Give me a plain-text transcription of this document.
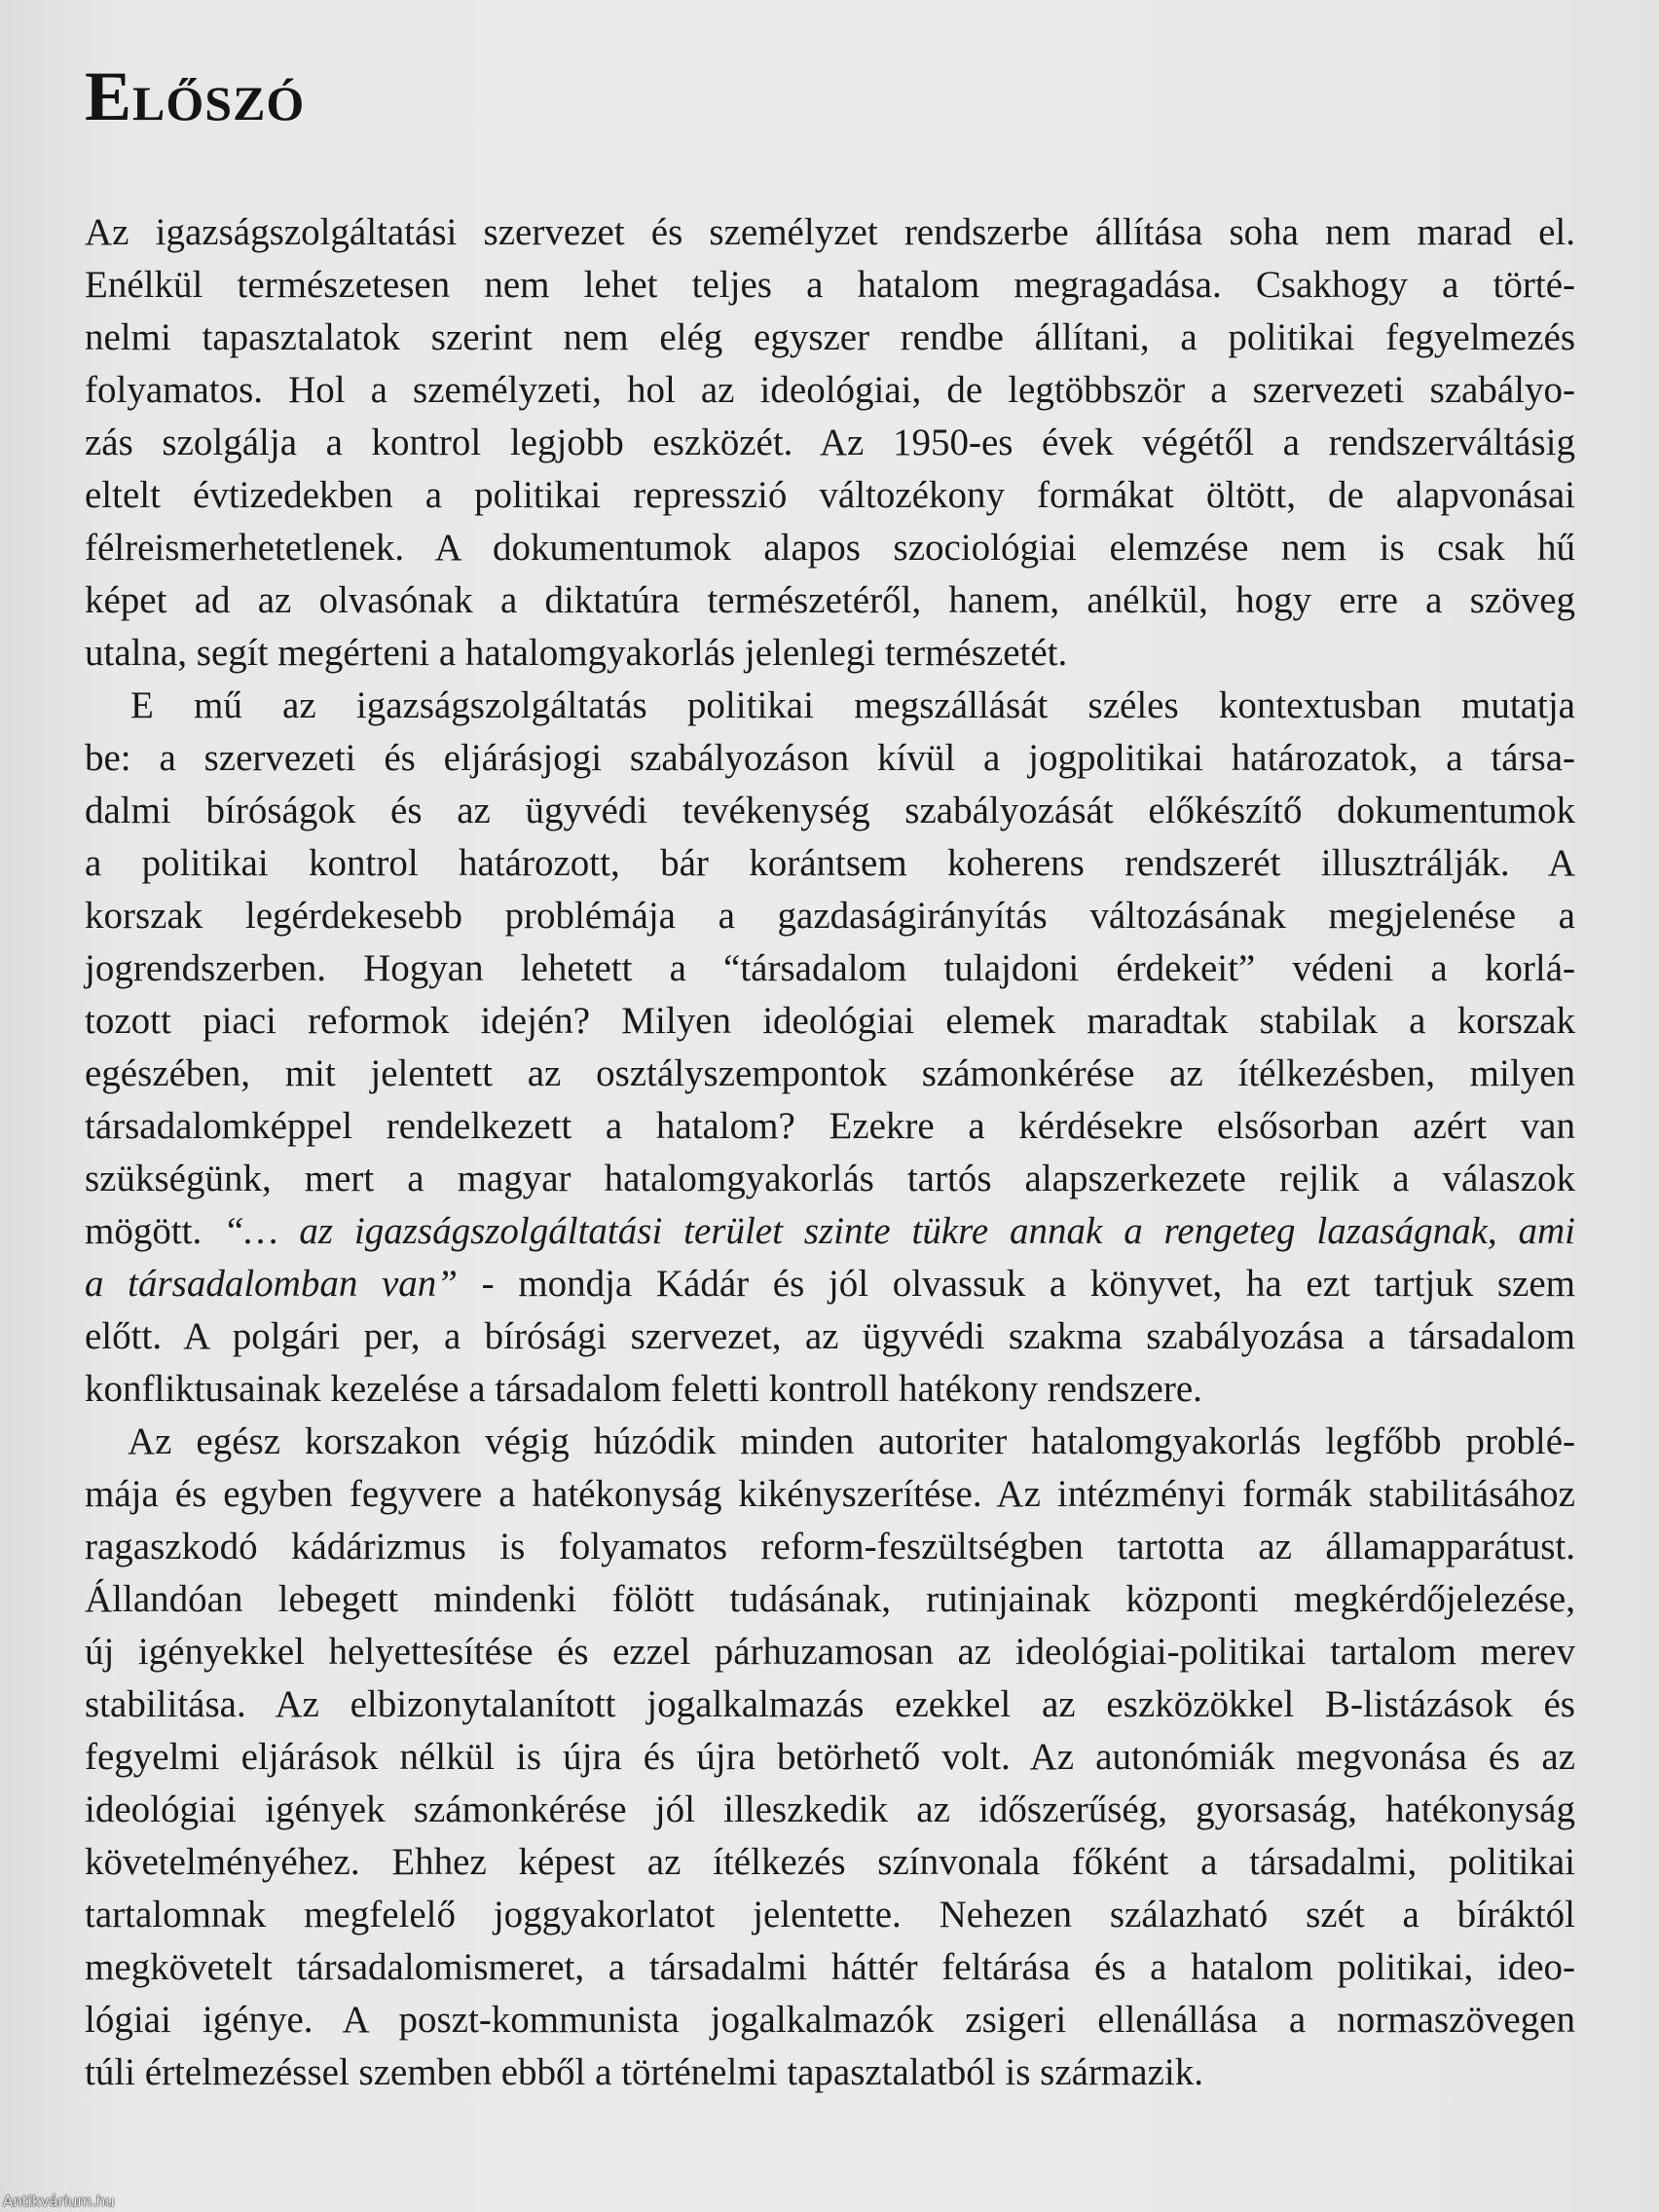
Előszó
Az igazságszolgáltatási szervezet és személyzet rendszerbe állítása soha nem marad el.
Enélkül természetesen nem lehet teljes a hatalom megragadása. Csakhogy a törté-
nelmi tapasztalatok szerint nem elég egyszer rendbe állítani, a politikai fegyelmezés
folyamatos. Hol a személyzeti, hol az ideológiai, de legtöbbször a szervezeti szabályo-
zás szolgálja a kontrol legjobb eszközét. Az 1950-es évek végétől a rendszerváltásig
eltelt évtizedekben a politikai represszió változékony formákat öltött, de alapvonásai
félreismerhetetlenek. A dokumentumok alapos szociológiai elemzése nem is csak hű
képet ad az olvasónak a diktatúra természetéről, hanem, anélkül, hogy erre a szöveg
utalna, segít megérteni a hatalomgyakorlás jelenlegi természetét.
E mű az igazságszolgáltatás politikai megszállását széles kontextusban mutatja
be: a szervezeti és eljárásjogi szabályozáson kívül a jogpolitikai határozatok, a társa-
dalmi bíróságok és az ügyvédi tevékenység szabályozását előkészítő dokumentumok
a politikai kontrol határozott, bár korántsem koherens rendszerét illusztrálják. A
korszak legérdekesebb problémája a gazdaságirányítás változásának megjelenése a
jogrendszerben. Hogyan lehetett a “társadalom tulajdoni érdekeit” védeni a korlá-
tozott piaci reformok idején? Milyen ideológiai elemek maradtak stabilak a korszak
egészében, mit jelentett az osztályszempontok számonkérése az ítélkezésben, milyen
társadalomképpel rendelkezett a hatalom? Ezekre a kérdésekre elsősorban azért van
szükségünk, mert a magyar hatalomgyakorlás tartós alapszerkezete rejlik a válaszok
mögött. “… az igazságszolgáltatási terület szinte tükre annak a rengeteg lazaságnak, ami
a társadalomban van” - mondja Kádár és jól olvassuk a könyvet, ha ezt tartjuk szem
előtt. A polgári per, a bírósági szervezet, az ügyvédi szakma szabályozása a társadalom
konfliktusainak kezelése a társadalom feletti kontroll hatékony rendszere.
Az egész korszakon végig húzódik minden autoriter hatalomgyakorlás legfőbb problé-
mája és egyben fegyvere a hatékonyság kikényszerítése. Az intézményi formák stabilitásához
ragaszkodó kádárizmus is folyamatos reform-feszültségben tartotta az államapparátust.
Állandóan lebegett mindenki fölött tudásának, rutinjainak központi megkérdőjelezése,
új igényekkel helyettesítése és ezzel párhuzamosan az ideológiai-politikai tartalom merev
stabilitása. Az elbizonytalanított jogalkalmazás ezekkel az eszközökkel B-listázások és
fegyelmi eljárások nélkül is újra és újra betörhető volt. Az autonómiák megvonása és az
ideológiai igények számonkérése jól illeszkedik az időszerűség, gyorsaság, hatékonyság
követelményéhez. Ehhez képest az ítélkezés színvonala főként a társadalmi, politikai
tartalomnak megfelelő joggyakorlatot jelentette. Nehezen szálazható szét a bíráktól
megkövetelt társadalomismeret, a társadalmi háttér feltárása és a hatalom politikai, ideo-
lógiai igénye. A poszt-kommunista jogalkalmazók zsigeri ellenállása a normaszövegen
túli értelmezéssel szemben ebből a történelmi tapasztalatból is származik.
Antikvárium.hu
